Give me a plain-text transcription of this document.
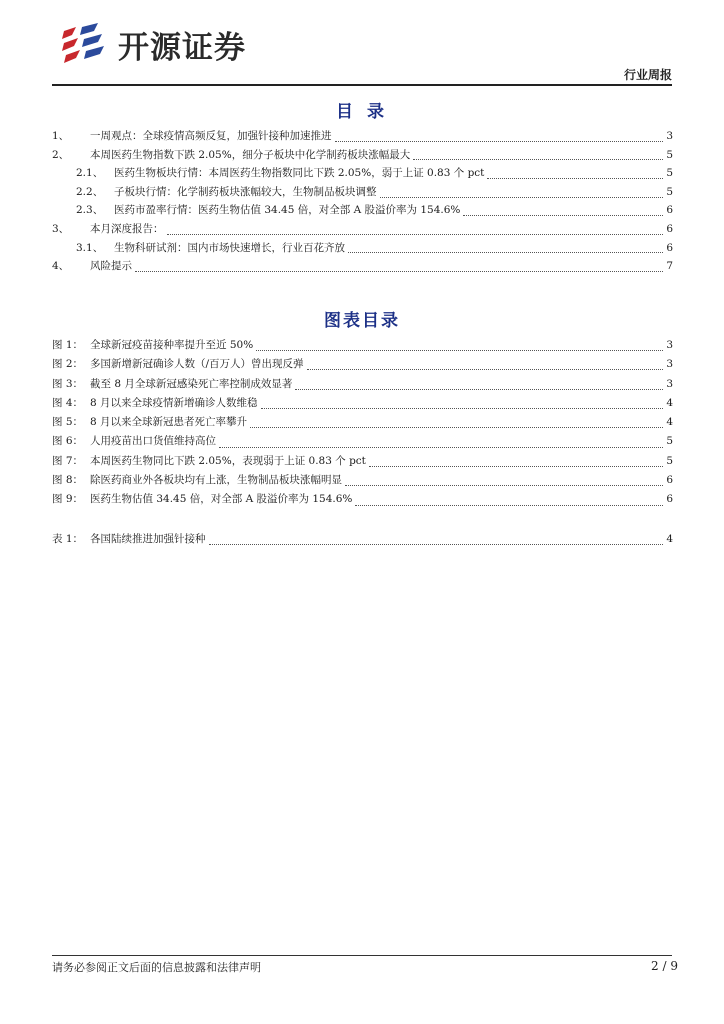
开源证券
行业周报
目 录
1、	一周观点：全球疫情高频反复，加强针接种加速推进	3
2、	本周医药生物指数下跌 2.05%，细分子板块中化学制药板块涨幅最大	5
2.1、	医药生物板块行情：本周医药生物指数同比下跌 2.05%，弱于上证 0.83 个 pct	5
2.2、	子板块行情：化学制药板块涨幅较大，生物制品板块调整	5
2.3、	医药市盈率行情：医药生物估值 34.45 倍，对全部 A 股溢价率为 154.6%	6
3、	本月深度报告：	6
3.1、	生物科研试剂：国内市场快速增长，行业百花齐放	6
4、	风险提示	7
图表目录
图 1： 全球新冠疫苗接种率提升至近 50%	3
图 2： 多国新增新冠确诊人数（/百万人）曾出现反弹	3
图 3： 截至 8 月全球新冠感染死亡率控制成效显著	3
图 4： 8 月以来全球疫情新增确诊人数维稳	4
图 5： 8 月以来全球新冠患者死亡率攀升	4
图 6： 人用疫苗出口货值维持高位	5
图 7： 本周医药生物同比下跌 2.05%，表现弱于上证 0.83 个 pct	5
图 8： 除医药商业外各板块均有上涨，生物制品板块涨幅明显	6
图 9： 医药生物估值 34.45 倍，对全部 A 股溢价率为 154.6%	6
表 1： 各国陆续推进加强针接种	4
请务必参阅正文后面的信息披露和法律声明	2 / 9
